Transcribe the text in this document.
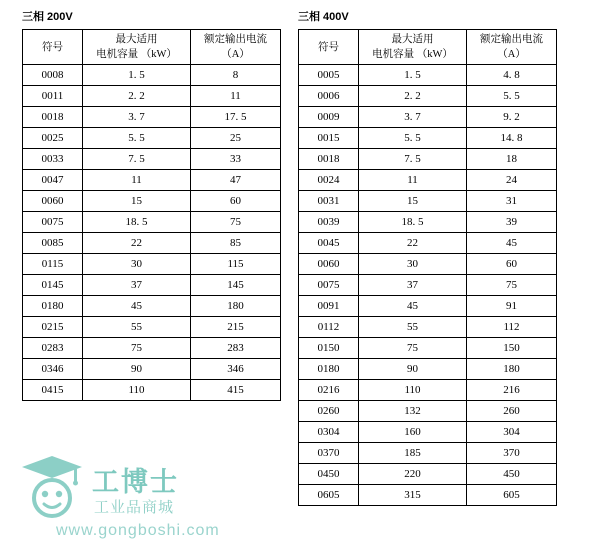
三相 200V
符号	最大适用
电机容量 （kW）	额定输出电流
（A）

0008	1. 5	8
0011	2. 2	11
0018	3. 7	17. 5
0025	5. 5	25
0033	7. 5	33
0047	11	47
0060	15	60
0075	18. 5	75
0085	22	85
0115	30	115
0145	37	145
0180	45	180
0215	55	215
0283	75	283
0346	90	346
0415	110	415
三相 400V
符号	最大适用
电机容量 （kW）	额定输出电流
（A）

0005	1. 5	4. 8
0006	2. 2	5. 5
0009	3. 7	9. 2
0015	5. 5	14. 8
0018	7. 5	18
0024	11	24
0031	15	31
0039	18. 5	39
0045	22	45
0060	30	60
0075	37	75
0091	45	91
0112	55	112
0150	75	150
0180	90	180
0216	110	216
0260	132	260
0304	160	304
0370	185	370
0450	220	450
0605	315	605
工博士
工业品商城
www.gongboshi.com
